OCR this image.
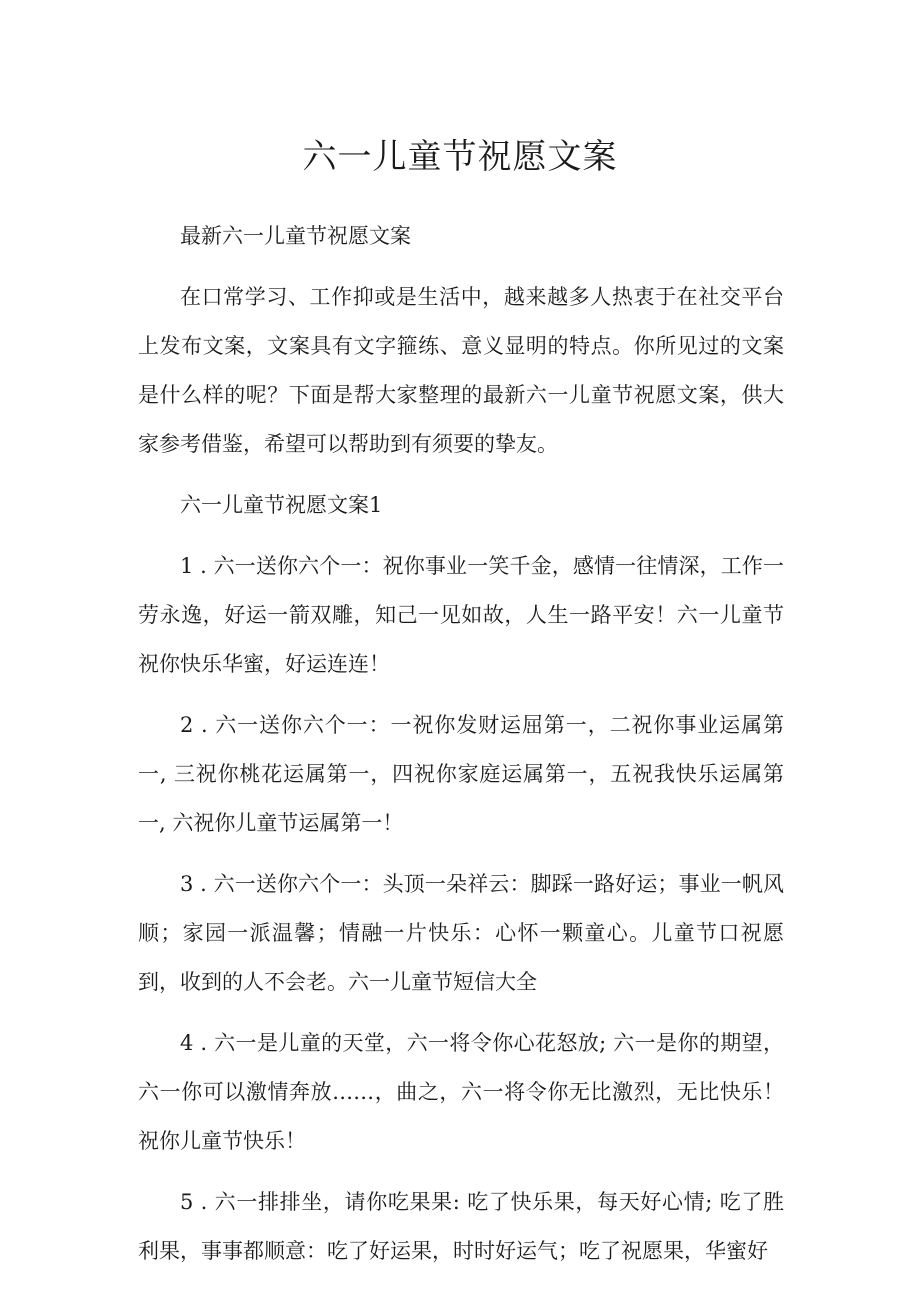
六一儿童节祝愿文案

最新六一儿童节祝愿文案

在口常学习、工作抑或是生活中，越来越多人热衷于在社交平台上发布文案，文案具有文字箍练、意义显明的特点。你所见过的文案是什么样的呢？下面是帮大家整理的最新六一儿童节祝愿文案，供大家参考借鉴，希望可以帮助到有须要的挚友。

六一儿童节祝愿文案1

1 . 六一送你六个一：祝你事业一笑千金，感情一往情深，工作一劳永逸，好运一箭双雕，知己一见如故，人生一路平安！六一儿童节祝你快乐华蜜，好运连连！

2 . 六一送你六个一：一祝你发财运屈第一，二祝你事业运属第一, 三祝你桃花运属第一，四祝你家庭运属第一，五祝我快乐运属第一, 六祝你儿童节运属第一！

3 . 六一送你六个一：头顶一朵祥云：脚踩一路好运；事业一帆风顺；家园一派温馨；情融一片快乐：心怀一颗童心。儿童节口祝愿到，收到的人不会老。六一儿童节短信大全

4 . 六一是儿童的天堂，六一将令你心花怒放; 六一是你的期望，六一你可以激情奔放……，曲之，六一将令你无比激烈，无比快乐！祝你儿童节快乐！

5 . 六一排排坐，请你吃果果: 吃了快乐果，每天好心情; 吃了胜利果，事事都顺意：吃了好运果，时时好运气；吃了祝愿果，华蜜好
